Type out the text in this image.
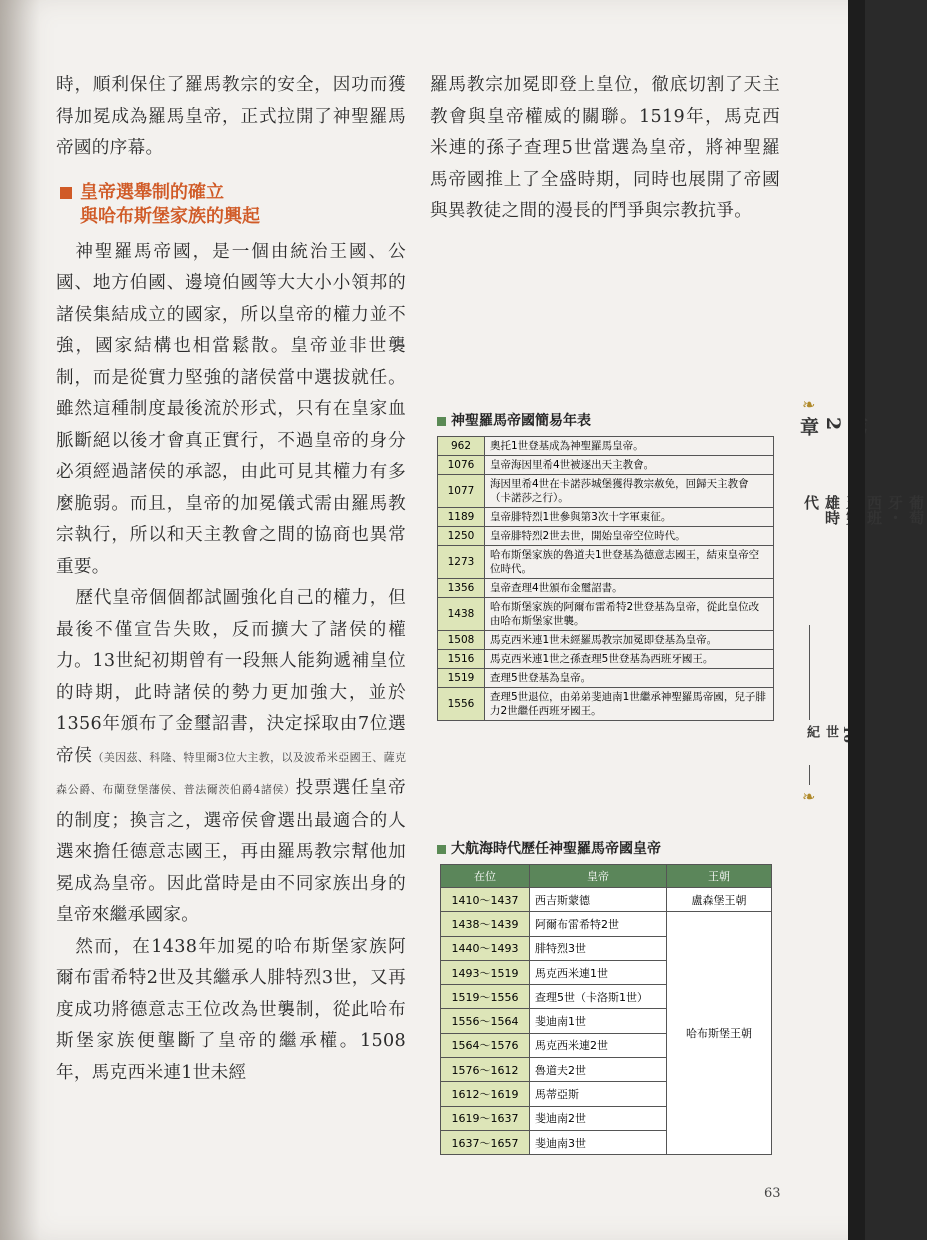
時，順利保住了羅馬教宗的安全，因功而獲得加冕成為羅馬皇帝，正式拉開了神聖羅馬帝國的序幕。

皇帝選舉制的確立
與哈布斯堡家族的興起

神聖羅馬帝國，是一個由統治王國、公國、地方伯國、邊境伯國等大大小小領邦的諸侯集結成立的國家，所以皇帝的權力並不強，國家結構也相當鬆散。皇帝並非世襲制，而是從實力堅強的諸侯當中選拔就任。雖然這種制度最後流於形式，只有在皇家血脈斷絕以後才會真正實行，不過皇帝的身分必須經過諸侯的承認，由此可見其權力有多麼脆弱。而且，皇帝的加冕儀式需由羅馬教宗執行，所以和天主教會之間的協商也異常重要。

歷代皇帝個個都試圖強化自己的權力，但最後不僅宣告失敗，反而擴大了諸侯的權力。13世紀初期曾有一段無人能夠遞補皇位的時期，此時諸侯的勢力更加強大，並於1356年頒布了金璽詔書，決定採取由7位選帝侯（美因茲、科隆、特里爾3位大主教，以及波希米亞國王、薩克森公爵、布蘭登堡藩侯、普法爾茨伯爵4諸侯）投票選任皇帝的制度；換言之，選帝侯會選出最適合的人選來擔任德意志國王，再由羅馬教宗幫他加冕成為皇帝。因此當時是由不同家族出身的皇帝來繼承國家。

然而，在1438年加冕的哈布斯堡家族阿爾布雷希特2世及其繼承人腓特烈3世，又再度成功將德意志王位改為世襲制，從此哈布斯堡家族便壟斷了皇帝的繼承權。1508年，馬克西米連1世未經

羅馬教宗加冕即登上皇位，徹底切割了天主教會與皇帝權威的關聯。1519年，馬克西米連的孫子查理5世當選為皇帝，將神聖羅馬帝國推上了全盛時期，同時也展開了帝國與異教徒之間的漫長的鬥爭與宗教抗爭。

神聖羅馬帝國簡易年表
962	奧托1世登基成為神聖羅馬皇帝。
1076	皇帝海因里希4世被逐出天主教會。
1077	海因里希4世在卡諾莎城堡獲得教宗赦免，回歸天主教會（卡諾莎之行）。
1189	皇帝腓特烈1世參與第3次十字軍東征。
1250	皇帝腓特烈2世去世，開始皇帝空位時代。
1273	哈布斯堡家族的魯道夫1世登基為德意志國王，結束皇帝空位時代。
1356	皇帝查理4世頒布金璽詔書。
1438	哈布斯堡家族的阿爾布雷希特2世登基為皇帝，從此皇位改由哈布斯堡家世襲。
1508	馬克西米連1世未經羅馬教宗加冕即登基為皇帝。
1516	馬克西米連1世之孫查理5世登基為西班牙國王。
1519	查理5世登基為皇帝。
1556	查理5世退位，由弟弟斐迪南1世繼承神聖羅馬帝國，兒子腓力2世繼任西班牙國王。
大航海時代歷任神聖羅馬帝國皇帝
在位	皇帝	王朝
1410～1437	西吉斯蒙德	盧森堡王朝
1438～1439	阿爾布雷希特2世	哈布斯堡王朝
1440～1493	腓特烈3世	
1493～1519	馬克西米連1世	
1519～1556	查理5世（卡洛斯1世）	
1556～1564	斐迪南1世	
1564～1576	馬克西米連2世	
1576～1612	魯道夫2世	
1612～1619	馬蒂亞斯	
1619～1637	斐迪南2世	
1637～1657	斐迪南3世	
❧
2章
葡萄牙・西班 雄時代
世紀
❧
63
